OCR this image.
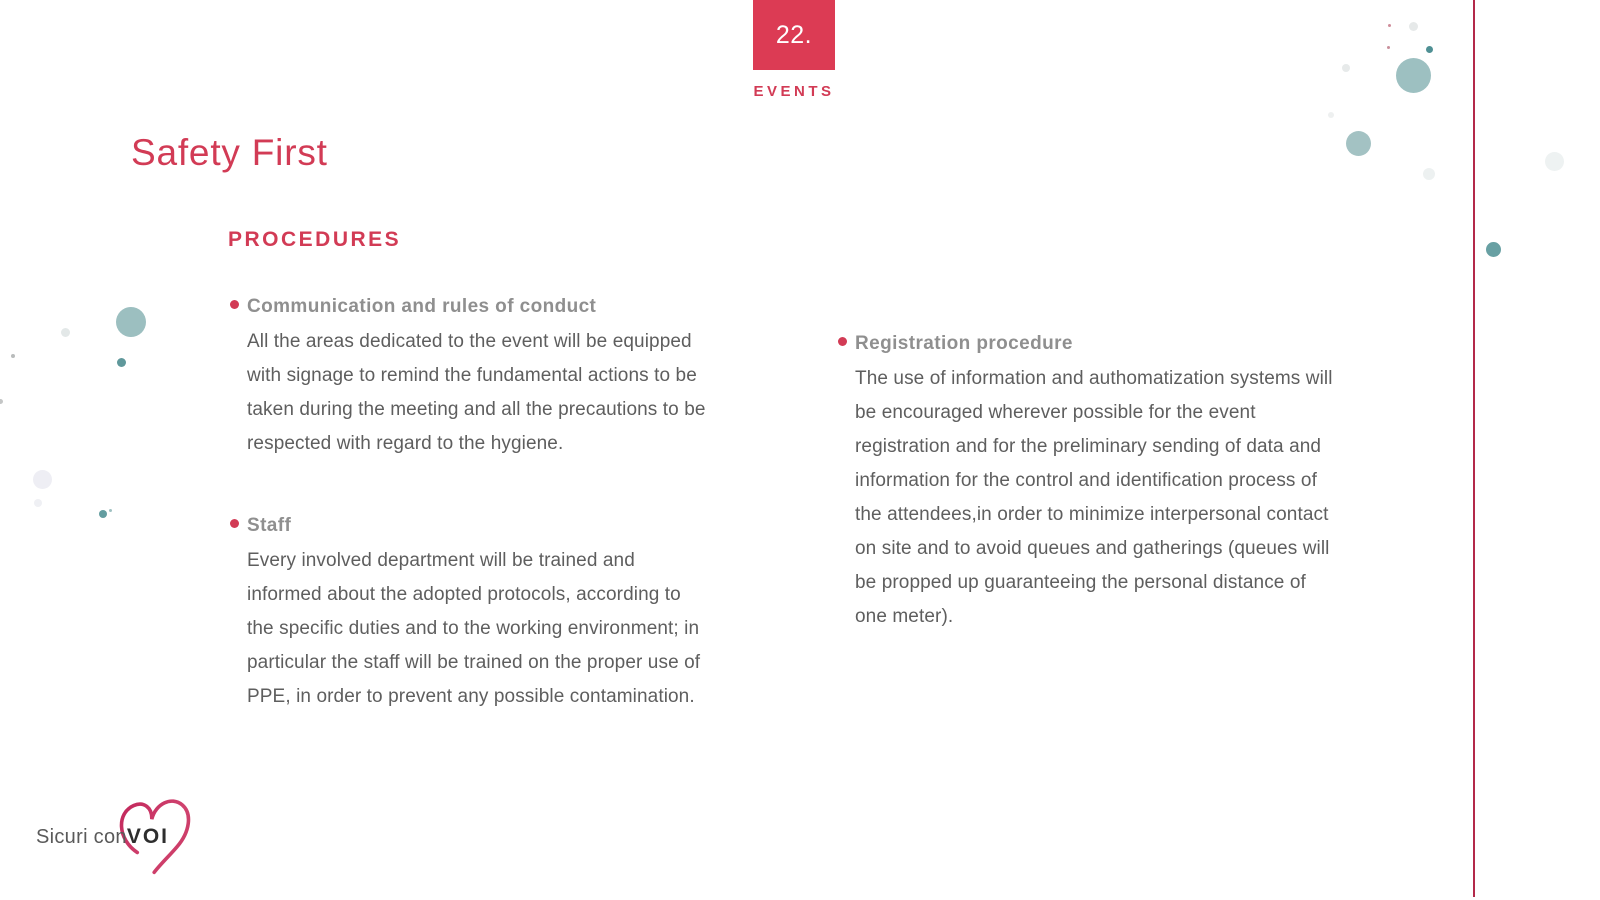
22.
EVENTS
Safety First
PROCEDURES
Communication and rules of conduct
All the areas dedicated to the event will be equipped with signage to remind the fundamental actions to be taken during the meeting and all the precautions to be respected with regard to the hygiene.
Staff
Every involved department will be trained and informed about the adopted protocols, according to the specific duties and to the working environment; in particular the staff will be trained on the proper use of PPE, in order to prevent any possible contamination.
Registration procedure
The use of information and authomatization systems will be encouraged wherever possible for the event registration and for the preliminary sending of data and information for the control and identification process of the attendees,in order to minimize interpersonal contact on site and to avoid queues and gatherings (queues will be propped up guaranteeing the personal distance of one meter).
Sicuri conVOI
